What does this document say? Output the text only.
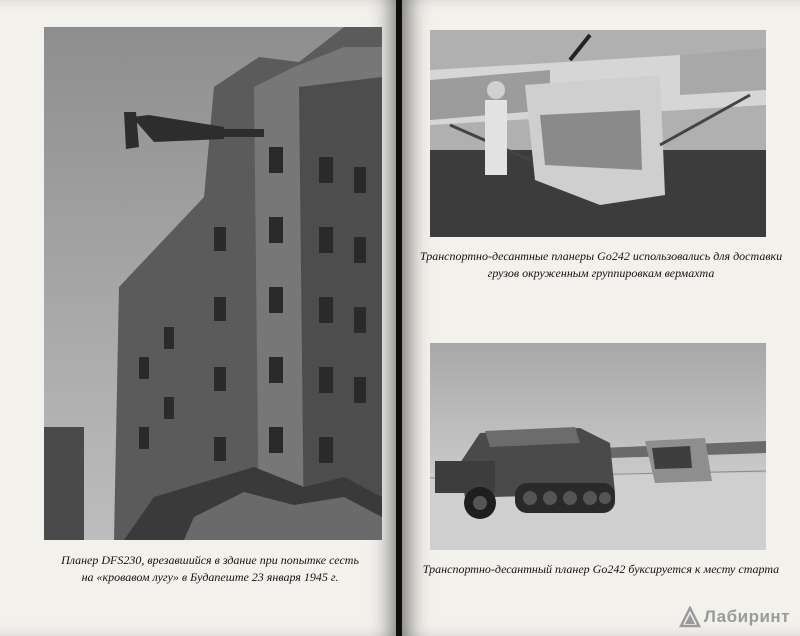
Планер DFS230, врезавшийся в здание при попытке сесть
на «кровавом лугу» в Будапеште 23 января 1945 г.
Транспортно-десантные планеры Go242 использовались для доставки
грузов окруженным группировкам вермахта
Транспортно-десантный планер Go242 буксируется к месту старта
Лабиринт
